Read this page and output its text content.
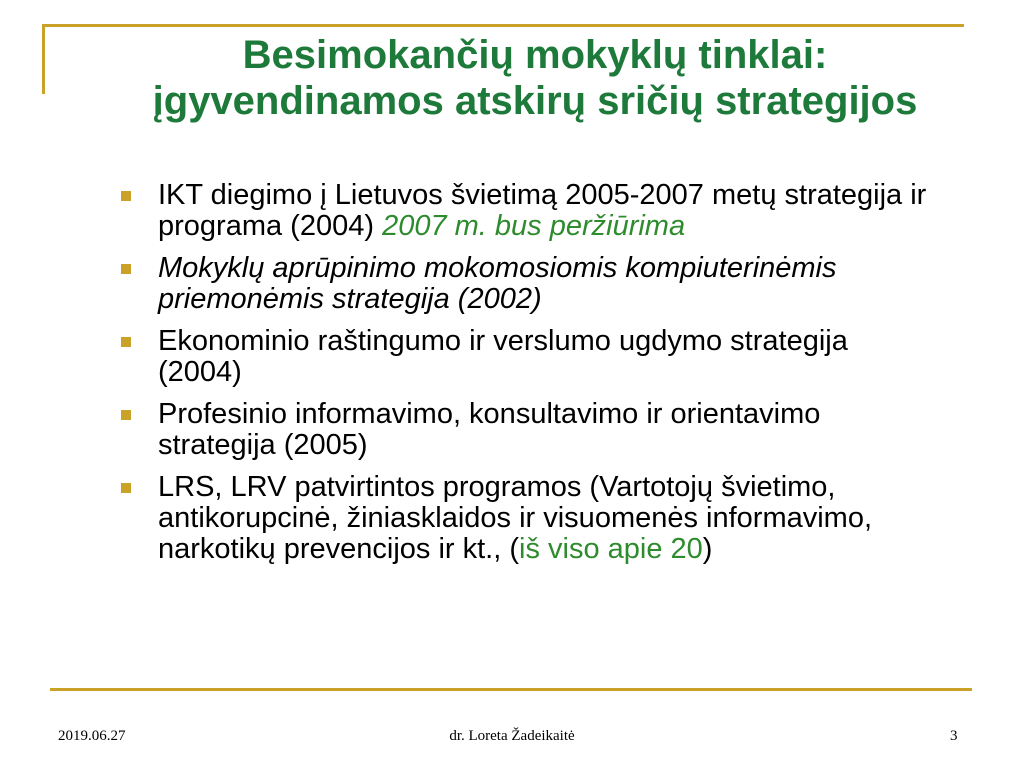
Besimokančių mokyklų tinklai:
įgyvendinamos atskirų sričių strategijos
IKT diegimo į Lietuvos švietimą 2005-2007 metų strategija ir programa (2004) 2007 m. bus peržiūrima
Mokyklų aprūpinimo mokomosiomis kompiuterinėmis priemonėmis strategija (2002)
Ekonominio raštingumo ir verslumo ugdymo strategija (2004)
Profesinio informavimo, konsultavimo ir orientavimo strategija (2005)
LRS, LRV patvirtintos programos (Vartotojų švietimo, antikorupcinė, žiniasklaidos ir visuomenės informavimo, narkotikų prevencijos ir kt., (iš viso apie 20)
2019.06.27	dr. Loreta Žadeikaitė	3
